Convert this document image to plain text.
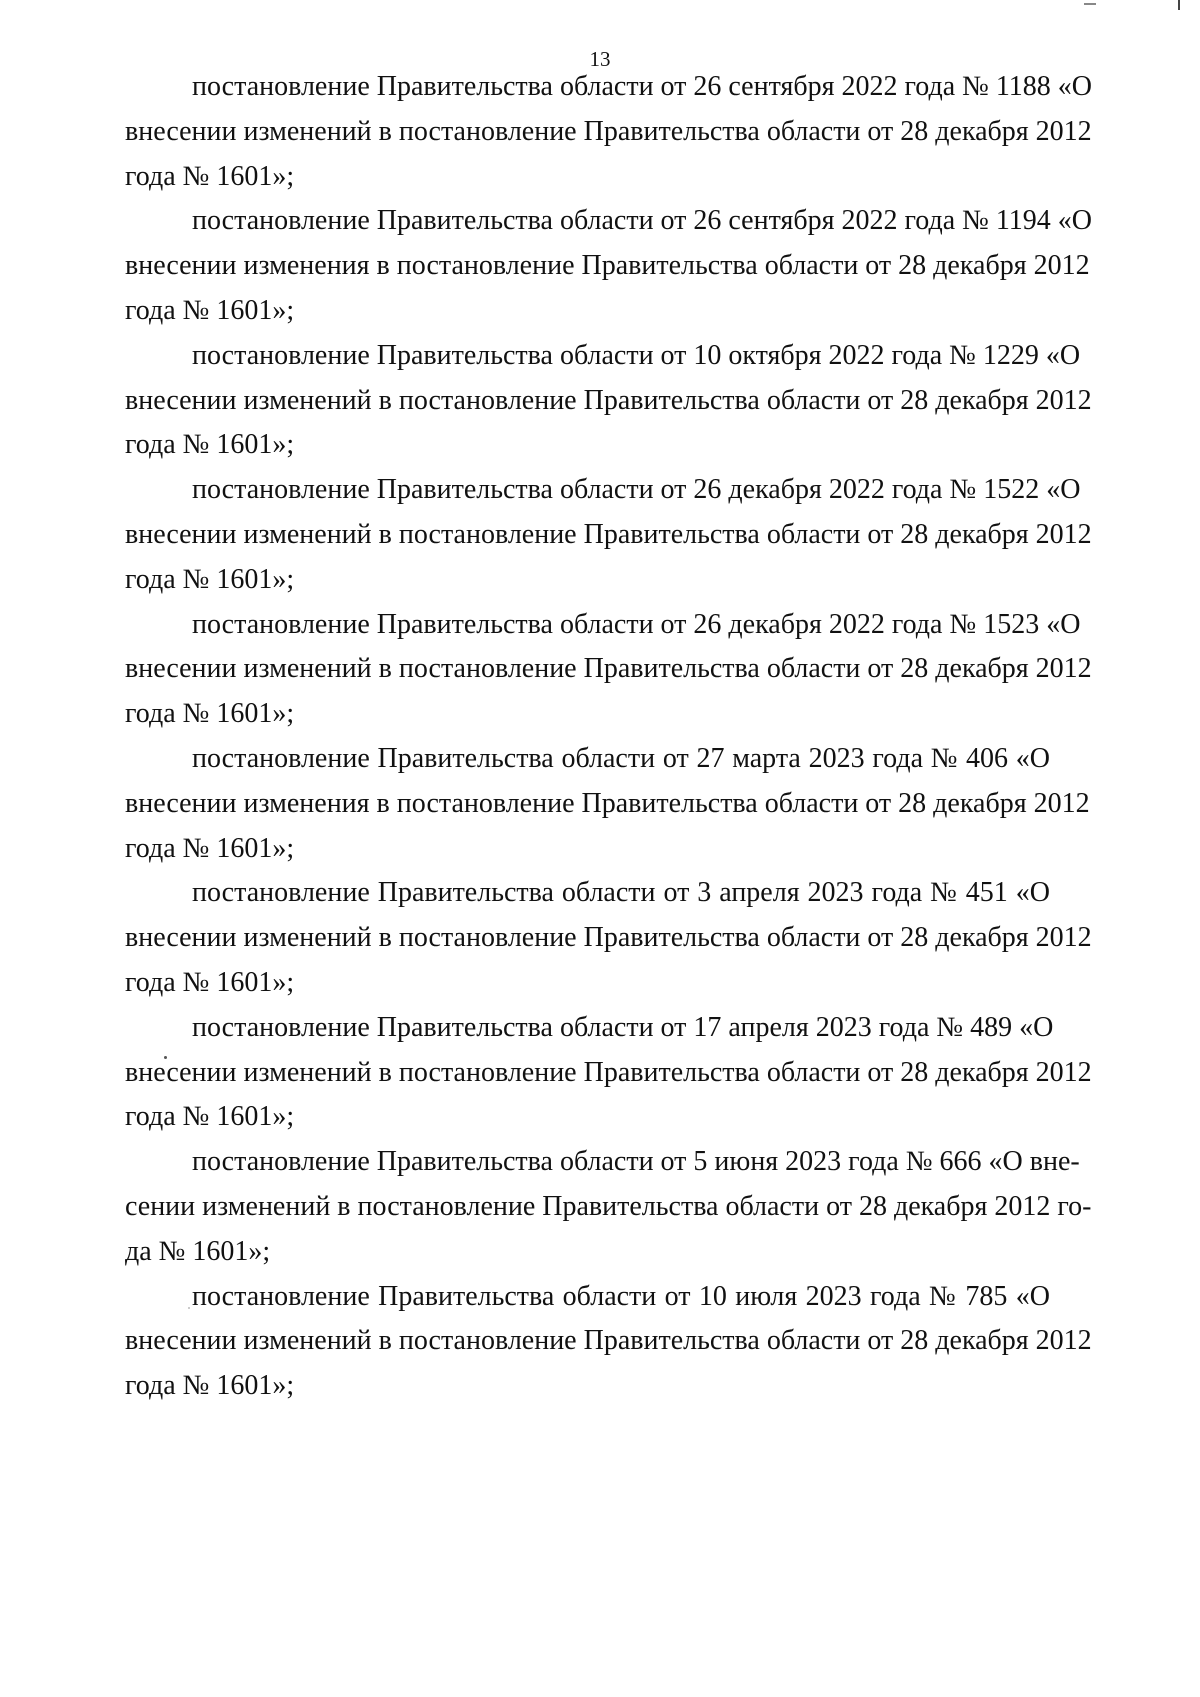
13

постановление Правительства области от 26 сентября 2022 года № 1188 «О
внесении изменений в постановление Правительства области от 28 декабря 2012
года № 1601»;

постановление Правительства области от 26 сентября 2022 года № 1194 «О
внесении изменения в постановление Правительства области от 28 декабря 2012
года № 1601»;

постановление Правительства области от 10 октября 2022 года № 1229 «О
внесении изменений в постановление Правительства области от 28 декабря 2012
года № 1601»;

постановление Правительства области от 26 декабря 2022 года № 1522 «О
внесении изменений в постановление Правительства области от 28 декабря 2012
года № 1601»;

постановление Правительства области от 26 декабря 2022 года № 1523 «О
внесении изменений в постановление Правительства области от 28 декабря 2012
года № 1601»;

постановление Правительства области от 27 марта 2023 года № 406 «О
внесении изменения в постановление Правительства области от 28 декабря 2012
года № 1601»;

постановление Правительства области от 3 апреля 2023 года № 451 «О
внесении изменений в постановление Правительства области от 28 декабря 2012
года № 1601»;

постановление Правительства области от 17 апреля 2023 года № 489 «О
внесении изменений в постановление Правительства области от 28 декабря 2012
года № 1601»;

постановление Правительства области от 5 июня 2023 года № 666 «О вне-
сении изменений в постановление Правительства области от 28 декабря 2012 го-
да № 1601»;

постановление Правительства области от 10 июля 2023 года № 785 «О
внесении изменений в постановление Правительства области от 28 декабря 2012
года № 1601»;
